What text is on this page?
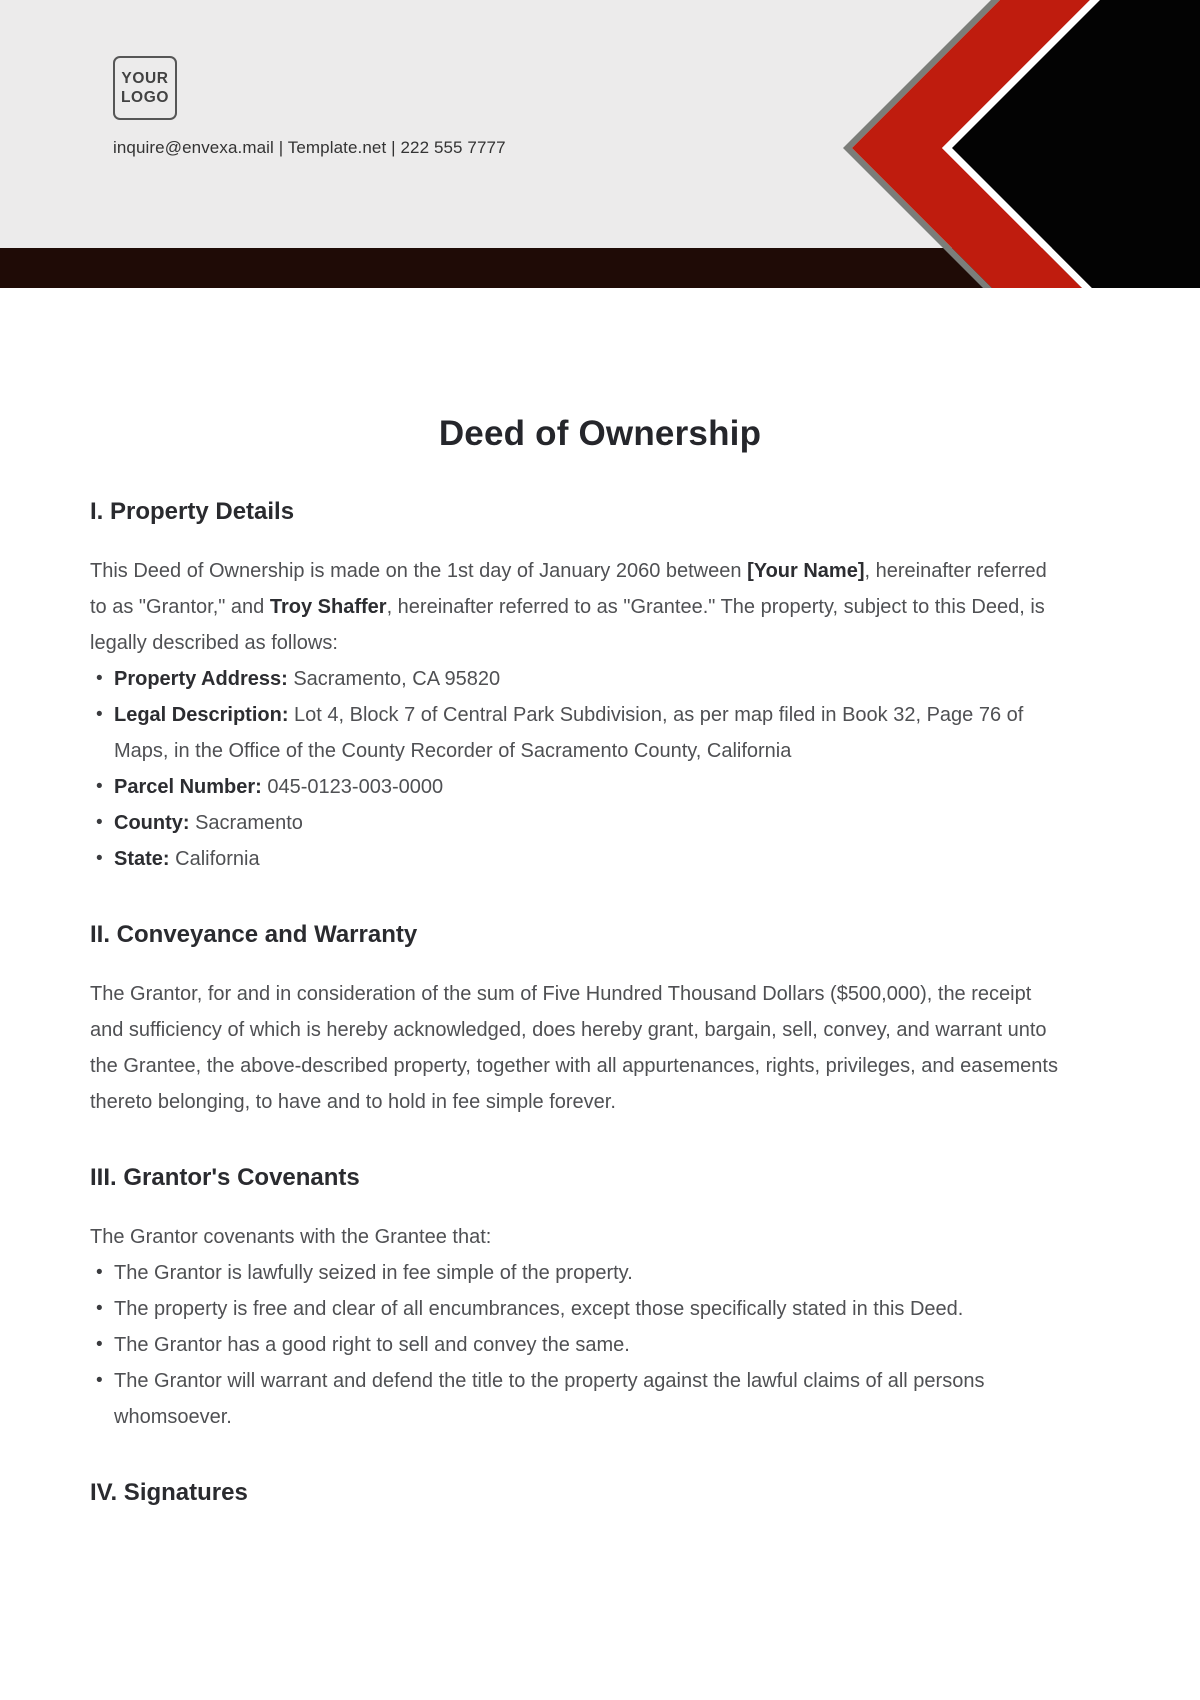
YOUR
LOGO
inquire@envexa.mail | Template.net | 222 555 7777
Deed of Ownership
I. Property Details

This Deed of Ownership is made on the 1st day of January 2060 between [Your Name], hereinafter referred to as "Grantor," and Troy Shaffer, hereinafter referred to as "Grantee." The property, subject to this Deed, is legally described as follows:

• Property Address: Sacramento, CA 95820
• Legal Description: Lot 4, Block 7 of Central Park Subdivision, as per map filed in Book 32, Page 76 of Maps, in the Office of the County Recorder of Sacramento County, California
• Parcel Number: 045-0123-003-0000
• County: Sacramento
• State: California
II. Conveyance and Warranty

The Grantor, for and in consideration of the sum of Five Hundred Thousand Dollars ($500,000), the receipt and sufficiency of which is hereby acknowledged, does hereby grant, bargain, sell, convey, and warrant unto the Grantee, the above-described property, together with all appurtenances, rights, privileges, and easements thereto belonging, to have and to hold in fee simple forever.

III. Grantor's Covenants

The Grantor covenants with the Grantee that:

• The Grantor is lawfully seized in fee simple of the property.
• The property is free and clear of all encumbrances, except those specifically stated in this Deed.
• The Grantor has a good right to sell and convey the same.
• The Grantor will warrant and defend the title to the property against the lawful claims of all persons whomsoever.
IV. Signatures
